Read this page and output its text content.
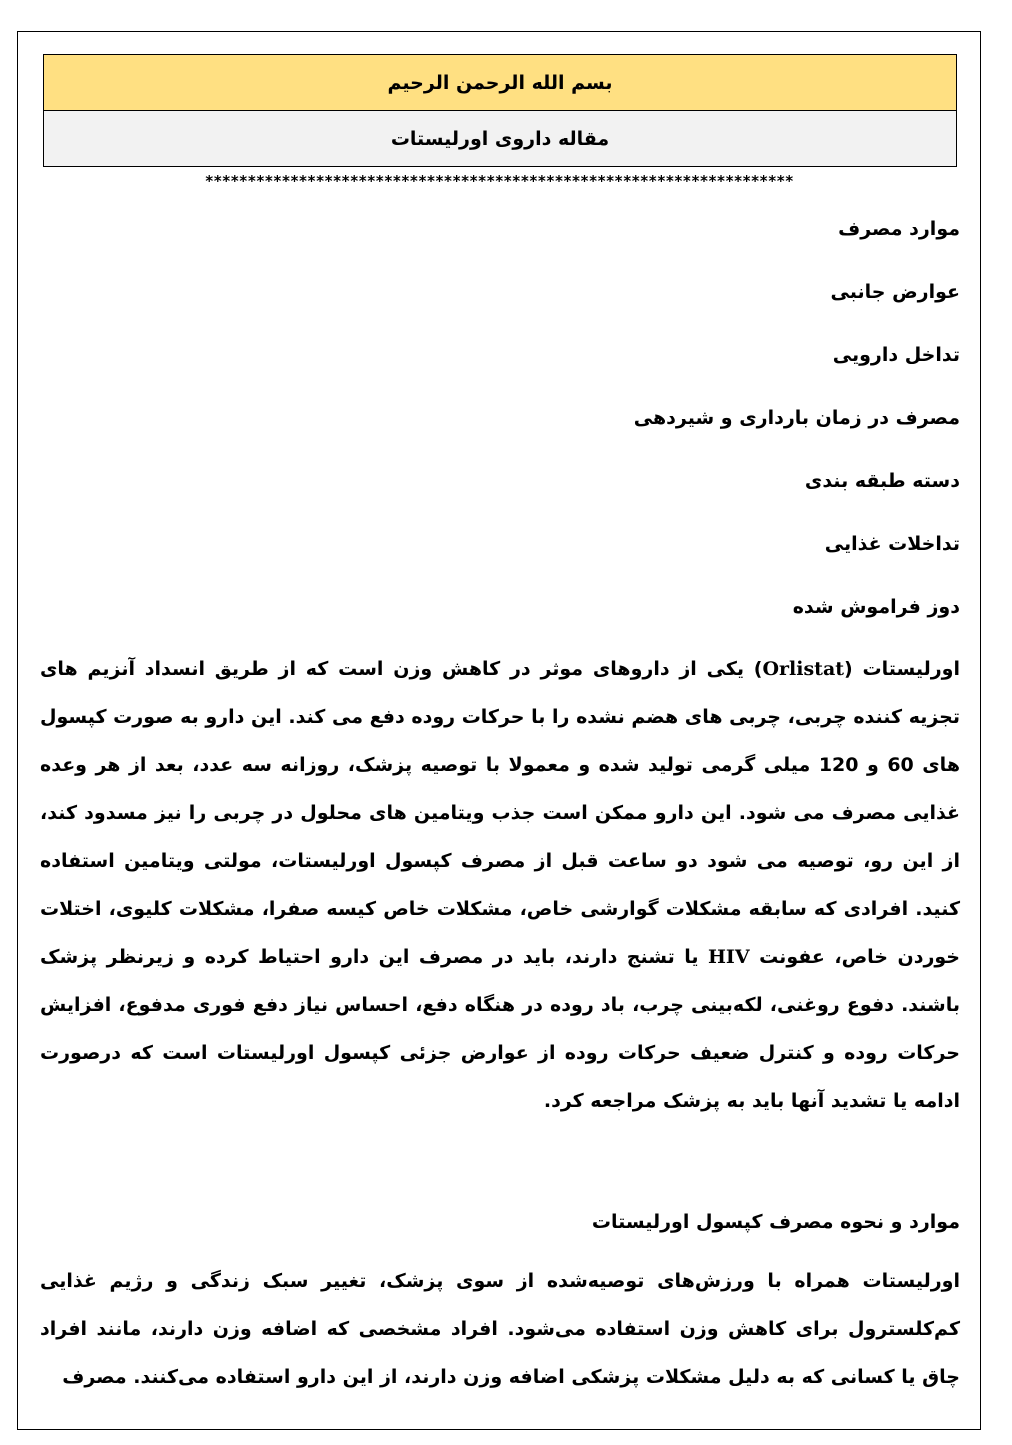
بسم الله الرحمن الرحیم
مقاله داروی اورلیستات
*********************************************************************
موارد مصرف
عوارض جانبی
تداخل دارویی
مصرف در زمان بارداری و شیردهی
دسته طبقه بندی
تداخلات غذایی
دوز فراموش شده

اورلیستات (Orlistat) یکی از داروهای موثر در کاهش وزن است که از طریق انسداد آنزیم های تجزیه کننده چربی، چربی های هضم نشده را با حرکات روده دفع می کند. این دارو به صورت کپسول های 60 و 120 میلی گرمی تولید شده و معمولا با توصیه پزشک، روزانه سه عدد، بعد از هر وعده غذایی مصرف می شود. این دارو ممکن است جذب ویتامین های محلول در چربی را نیز مسدود کند، از این رو، توصیه می شود دو ساعت قبل از مصرف کپسول اورلیستات، مولتی ویتامین استفاده کنید. افرادی که سابقه مشکلات گوارشی خاص، مشکلات خاص کیسه صفرا، مشکلات کلیوی، اختلات خوردن خاص، عفونت HIV یا تشنج دارند، باید در مصرف این دارو احتیاط کرده و زیرنظر پزشک باشند. دفوع روغنی، لکه‌بینی چرب، باد روده در هنگاه دفع، احساس نیاز دفع فوری مدفوع، افزایش حرکات روده و کنترل ضعیف حرکات روده از عوارض جزئی کپسول اورلیستات است که درصورت ادامه یا تشدید آنها باید به پزشک مراجعه کرد.

موارد و نحوه مصرف کپسول اورلیستات

اورلیستات همراه با ورزش‌های توصیه‌شده از سوی پزشک، تغییر سبک زندگی و رژیم غذایی کم‌کلسترول برای کاهش وزن استفاده می‌شود. افراد مشخصی که اضافه وزن دارند، مانند افراد چاق یا کسانی که به دلیل مشکلات پزشکی اضافه وزن دارند، از این دارو استفاده می‌کنند. مصرف
